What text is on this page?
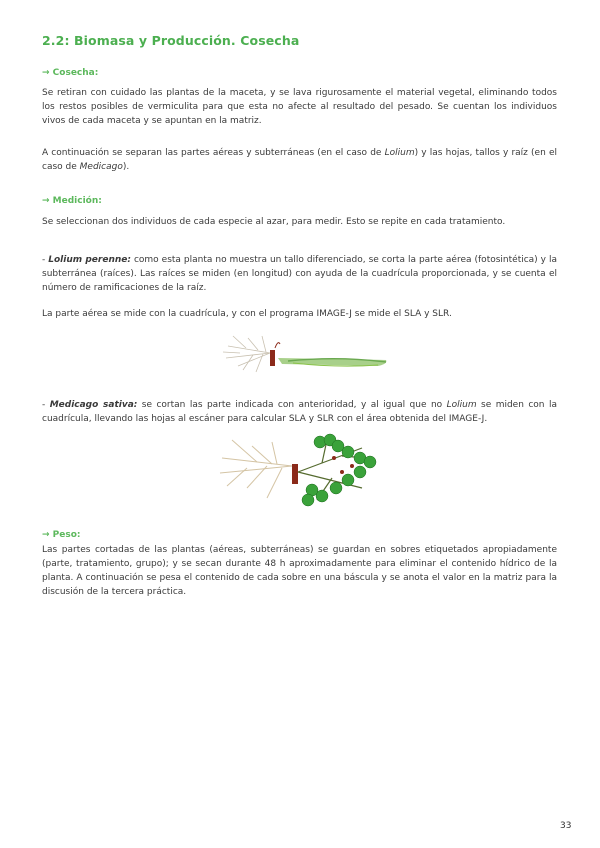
2.2: Biomasa y Producción. Cosecha
→ Cosecha:
Se retiran con cuidado las plantas de la maceta, y se lava rigurosamente el material vegetal, eliminando todos los restos posibles de vermiculita para que esta no afecte al resultado del pesado. Se cuentan los individuos vivos de cada maceta y se apuntan en la matriz.
A continuación se separan las partes aéreas y subterráneas (en el caso de Lolium) y las hojas, tallos y raíz (en el caso de Medicago).
→ Medición:
Se seleccionan dos individuos de cada especie al azar, para medir. Esto se repite en cada tratamiento.
- Lolium perenne: como esta planta no muestra un tallo diferenciado, se corta la parte aérea (fotosintética) y la subterránea (raíces). Las raíces se miden (en longitud) con ayuda de la cuadrícula proporcionada, y se cuenta el número de ramificaciones de la raíz.
La parte aérea se mide con la cuadrícula, y con el programa IMAGE-J se mide el SLA y SLR.
- Medicago sativa: se cortan las parte indicada con anterioridad, y al igual que no Lolium se miden con la cuadrícula, llevando las hojas al escáner para calcular SLA y SLR con el área obtenida del IMAGE-J.
→ Peso:
Las partes cortadas de las plantas (aéreas, subterráneas) se guardan en sobres etiquetados apropiadamente (parte, tratamiento, grupo); y se secan durante 48 h aproximadamente para eliminar el contenido hídrico de la planta. A continuación se pesa el contenido de cada sobre en una báscula y se anota el valor en la matriz para la discusión de la tercera práctica.
33
